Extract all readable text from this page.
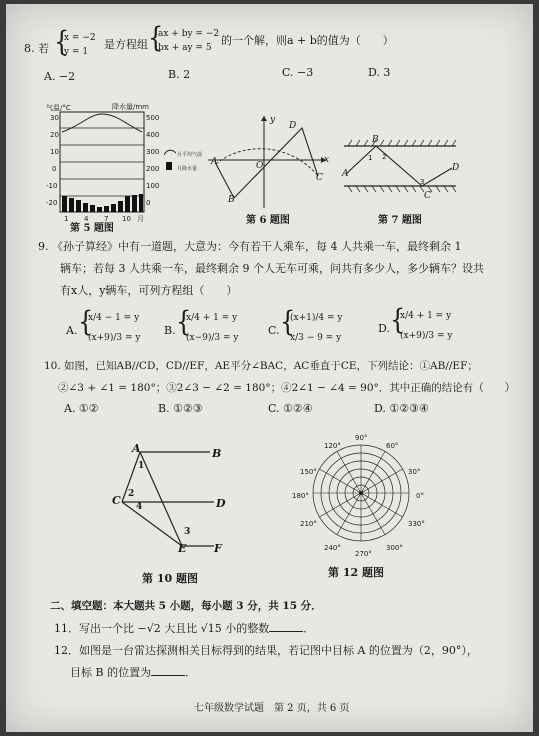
8. 若 {
x = −2
y = 1
是方程组 {
ax + by = −2
bx + ay = 5
的一个解，则a + b的值为（　　）
A. −2	B. 2	C. −3	D. 3
气温/°C	降水量/mm
30
20
10
0
-10
-20
500
400
300
200
100
0
1 4 7 10 月
月平均气温
月降水量
第 5 题图
A
B
C
D
O
x
y
第 6 题图
A
B
C
D
1 2
3
第 7 题图
9. 《孙子算经》中有一道题，大意为：今有若干人乘车，每 4 人共乘一车，最终剩余 1
辆车；若每 3 人共乘一车，最终剩余 9 个人无车可乘，问共有多少人，多少辆车？设共
有x人，y辆车，可列方程组（　　）
A. {
x/4 − 1 = y
(x+9)/3 = y
B. {
x/4 + 1 = y
(x−9)/3 = y
C. {
(x+1)/4 = y
x/3 − 9 = y
D. {
x/4 + 1 = y
(x+9)/3 = y
10. 如图，已知AB//CD，CD//EF，AE平分∠BAC，AC垂直于CE，下列结论：①AB//EF；
②∠3 + ∠1 = 180°；③2∠3 − ∠2 = 180°；④2∠1 − ∠4 = 90°．其中正确的结论有（　　）
A. ①②	B. ①②③	C. ①②④	D. ①②③④
A	B
C	D
E	F
1
2
3
4
第 10 题图
90°
60°
30°
0°
330°
300°
270°
240°
210°
180°
150°
120°
第 12 题图
二、填空题：本大题共 5 小题，每小题 3 分，共 15 分．
11．写出一个比 −√2 大且比 √15 小的整数	．
12．如图是一台雷达探测相关目标得到的结果，若记图中目标 A 的位置为（2，90°），
目标 B 的位置为	．
七年级数学试题　第 2 页，共 6 页
